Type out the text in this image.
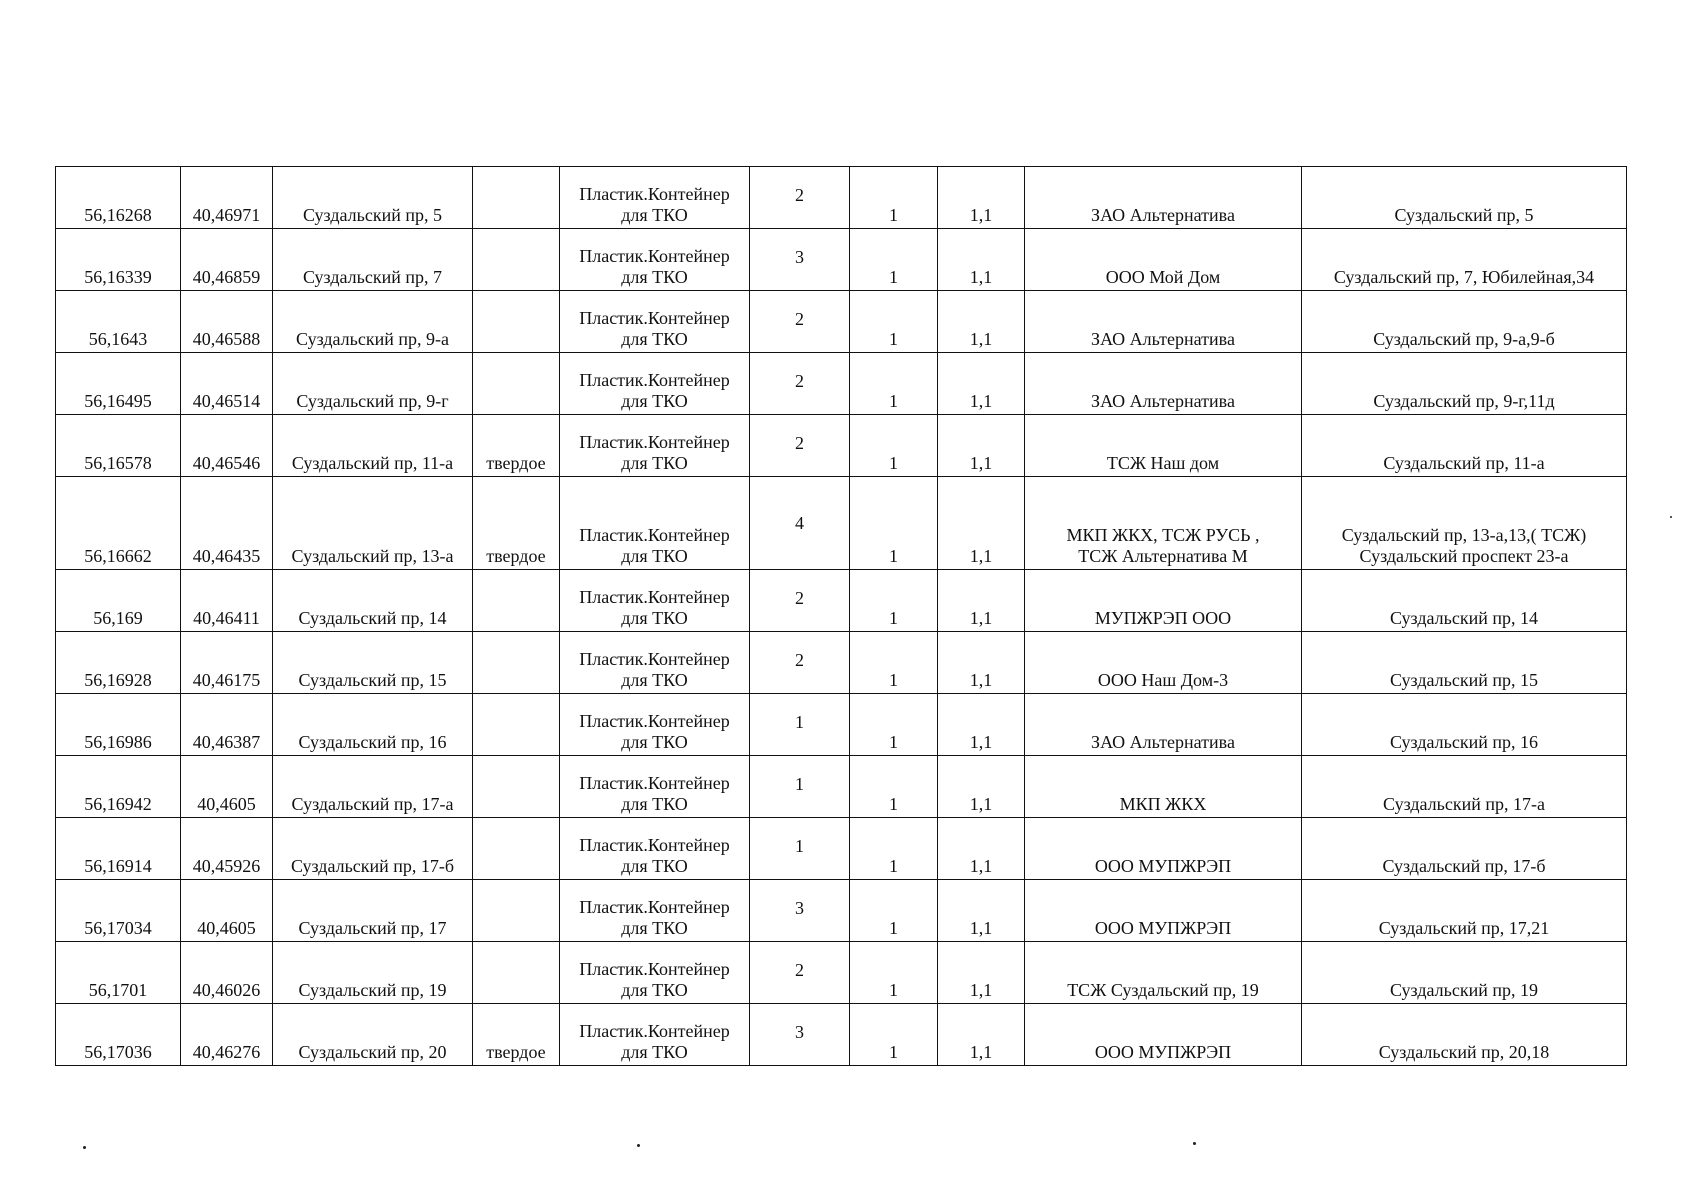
56,16268	40,46971	Суздальский пр, 5		Пластик.Контейнер
для ТКО	2	1	1,1	ЗАО Альтернатива	Суздальский пр, 5

56,16339	40,46859	Суздальский пр, 7		Пластик.Контейнер
для ТКО	3	1	1,1	ООО Мой Дом	Суздальский пр, 7, Юбилейная,34

56,1643	40,46588	Суздальский пр, 9-а		Пластик.Контейнер
для ТКО	2	1	1,1	ЗАО Альтернатива	Суздальский пр, 9-а,9-б

56,16495	40,46514	Суздальский пр, 9-г		Пластик.Контейнер
для ТКО	2	1	1,1	ЗАО Альтернатива	Суздальский пр, 9-г,11д

56,16578	40,46546	Суздальский пр, 11-а	твердое	Пластик.Контейнер
для ТКО	2	1	1,1	ТСЖ Наш дом	Суздальский пр, 11-а

56,16662	40,46435	Суздальский пр, 13-а	твердое	Пластик.Контейнер
для ТКО	4	1	1,1	МКП ЖКХ, ТСЖ РУСЬ ,
ТСЖ Альтернатива М	Суздальский пр, 13-а,13,( ТСЖ)
Суздальский проспект 23-а

56,169	40,46411	Суздальский пр, 14		Пластик.Контейнер
для ТКО	2	1	1,1	МУПЖРЭП ООО	Суздальский пр, 14

56,16928	40,46175	Суздальский пр, 15		Пластик.Контейнер
для ТКО	2	1	1,1	ООО Наш Дом-3	Суздальский пр, 15

56,16986	40,46387	Суздальский пр, 16		Пластик.Контейнер
для ТКО	1	1	1,1	ЗАО Альтернатива	Суздальский пр, 16

56,16942	40,4605	Суздальский пр, 17-а		Пластик.Контейнер
для ТКО	1	1	1,1	МКП ЖКХ	Суздальский пр, 17-а

56,16914	40,45926	Суздальский пр, 17-б		Пластик.Контейнер
для ТКО	1	1	1,1	ООО МУПЖРЭП	Суздальский пр, 17-б

56,17034	40,4605	Суздальский пр, 17		Пластик.Контейнер
для ТКО	3	1	1,1	ООО МУПЖРЭП	Суздальский пр, 17,21

56,1701	40,46026	Суздальский пр, 19		Пластик.Контейнер
для ТКО	2	1	1,1	ТСЖ Суздальский пр, 19	Суздальский пр, 19

56,17036	40,46276	Суздальский пр, 20	твердое	Пластик.Контейнер
для ТКО	3	1	1,1	ООО МУПЖРЭП	Суздальский пр, 20,18
